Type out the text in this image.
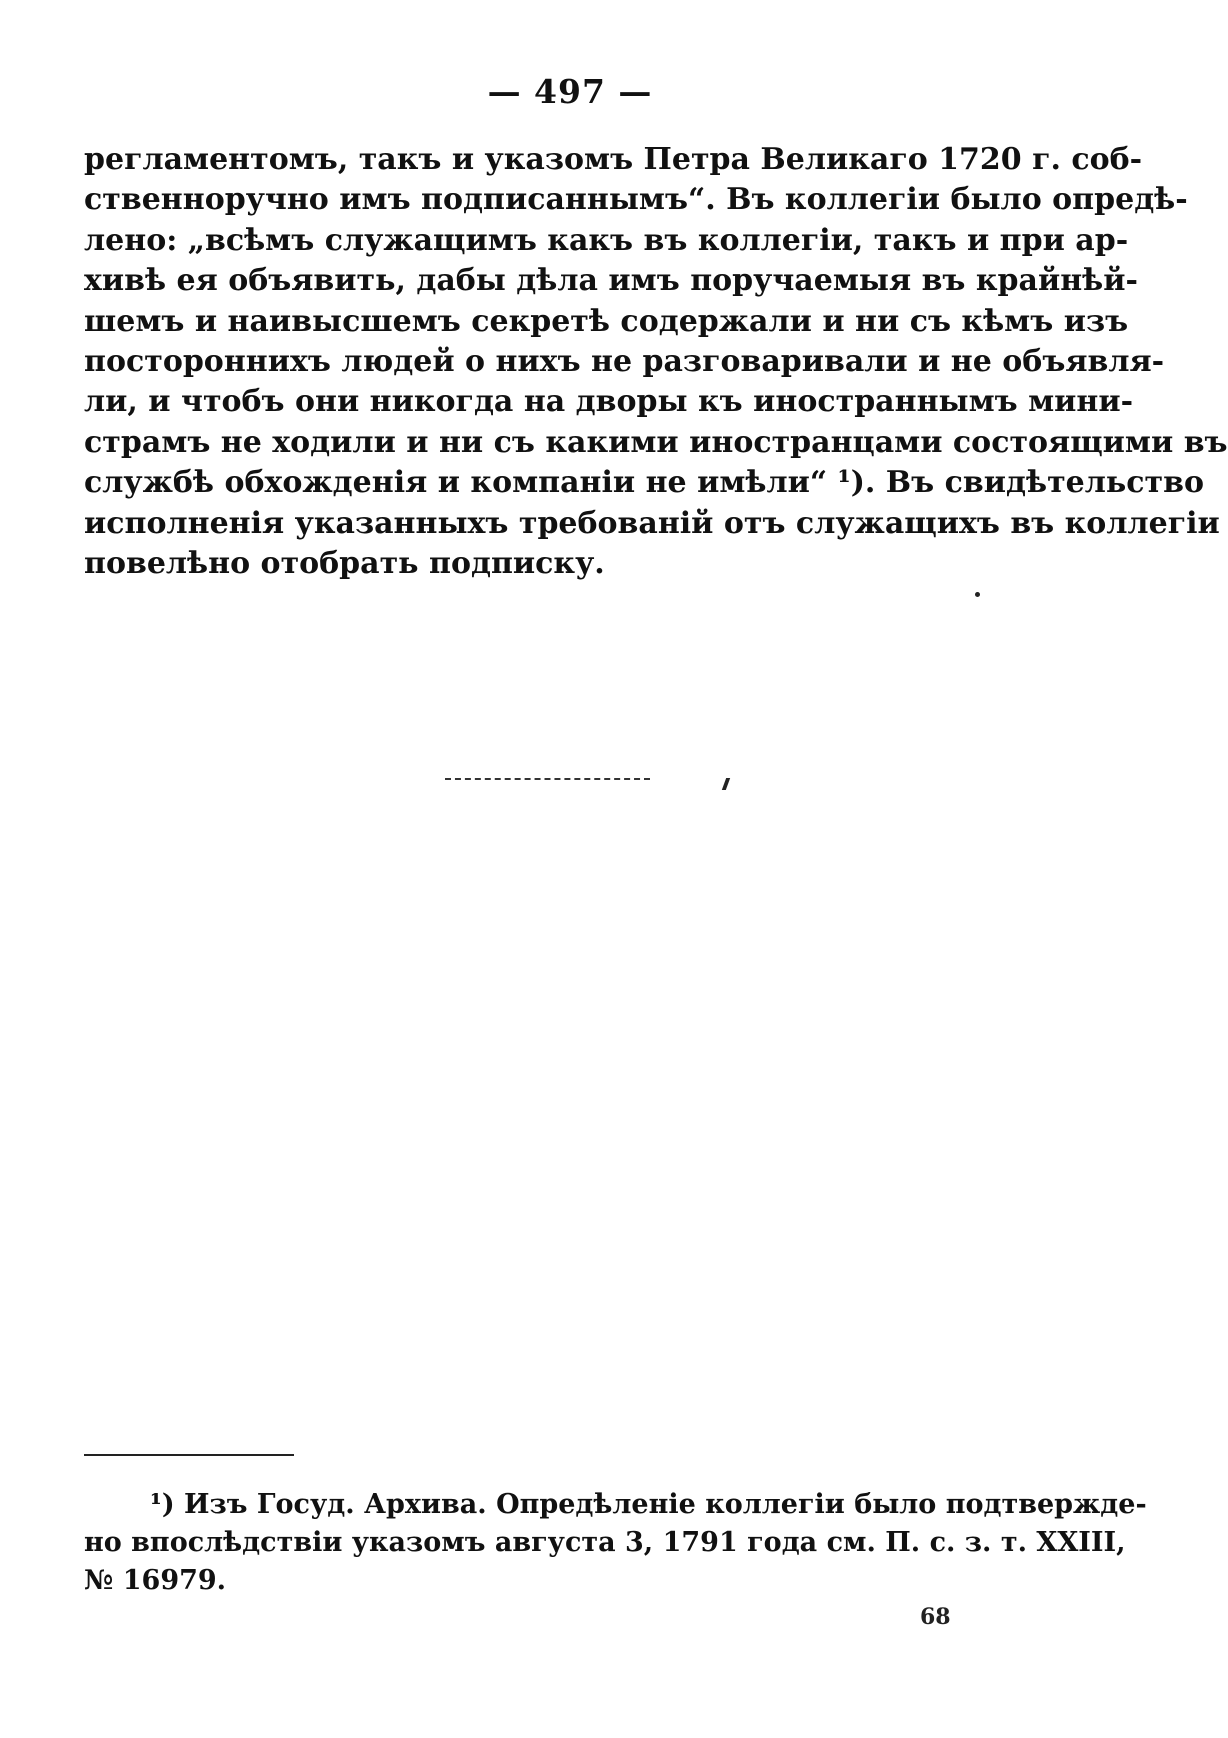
— 497 —
регламентомъ, такъ и указомъ Петра Великаго 1720 г. соб-
ственноручно имъ подписаннымъ“. Въ коллегіи было опредѣ-
лено: „всѣмъ служащимъ какъ въ коллегіи, такъ и при ар-
хивѣ ея объявить, дабы дѣла имъ поручаемыя въ крайнѣй-
шемъ и наивысшемъ секретѣ содержали и ни съ кѣмъ изъ
постороннихъ людей о нихъ не разговаривали и не объявля-
ли, и чтобъ они никогда на дворы къ иностраннымъ мини-
страмъ не ходили и ни съ какими иностранцами состоящими въ
службѣ обхожденія и компаніи не имѣли“ ¹). Въ свидѣтельство
исполненія указанныхъ требованій отъ служащихъ въ коллегіи
повелѣно отобрать подписку.
¹) Изъ Госуд. Архива. Опредѣленіе коллегіи было подтвержде-
но впослѣдствіи указомъ августа 3, 1791 года см. П. с. з. т. XXIII,
№ 16979.
68
